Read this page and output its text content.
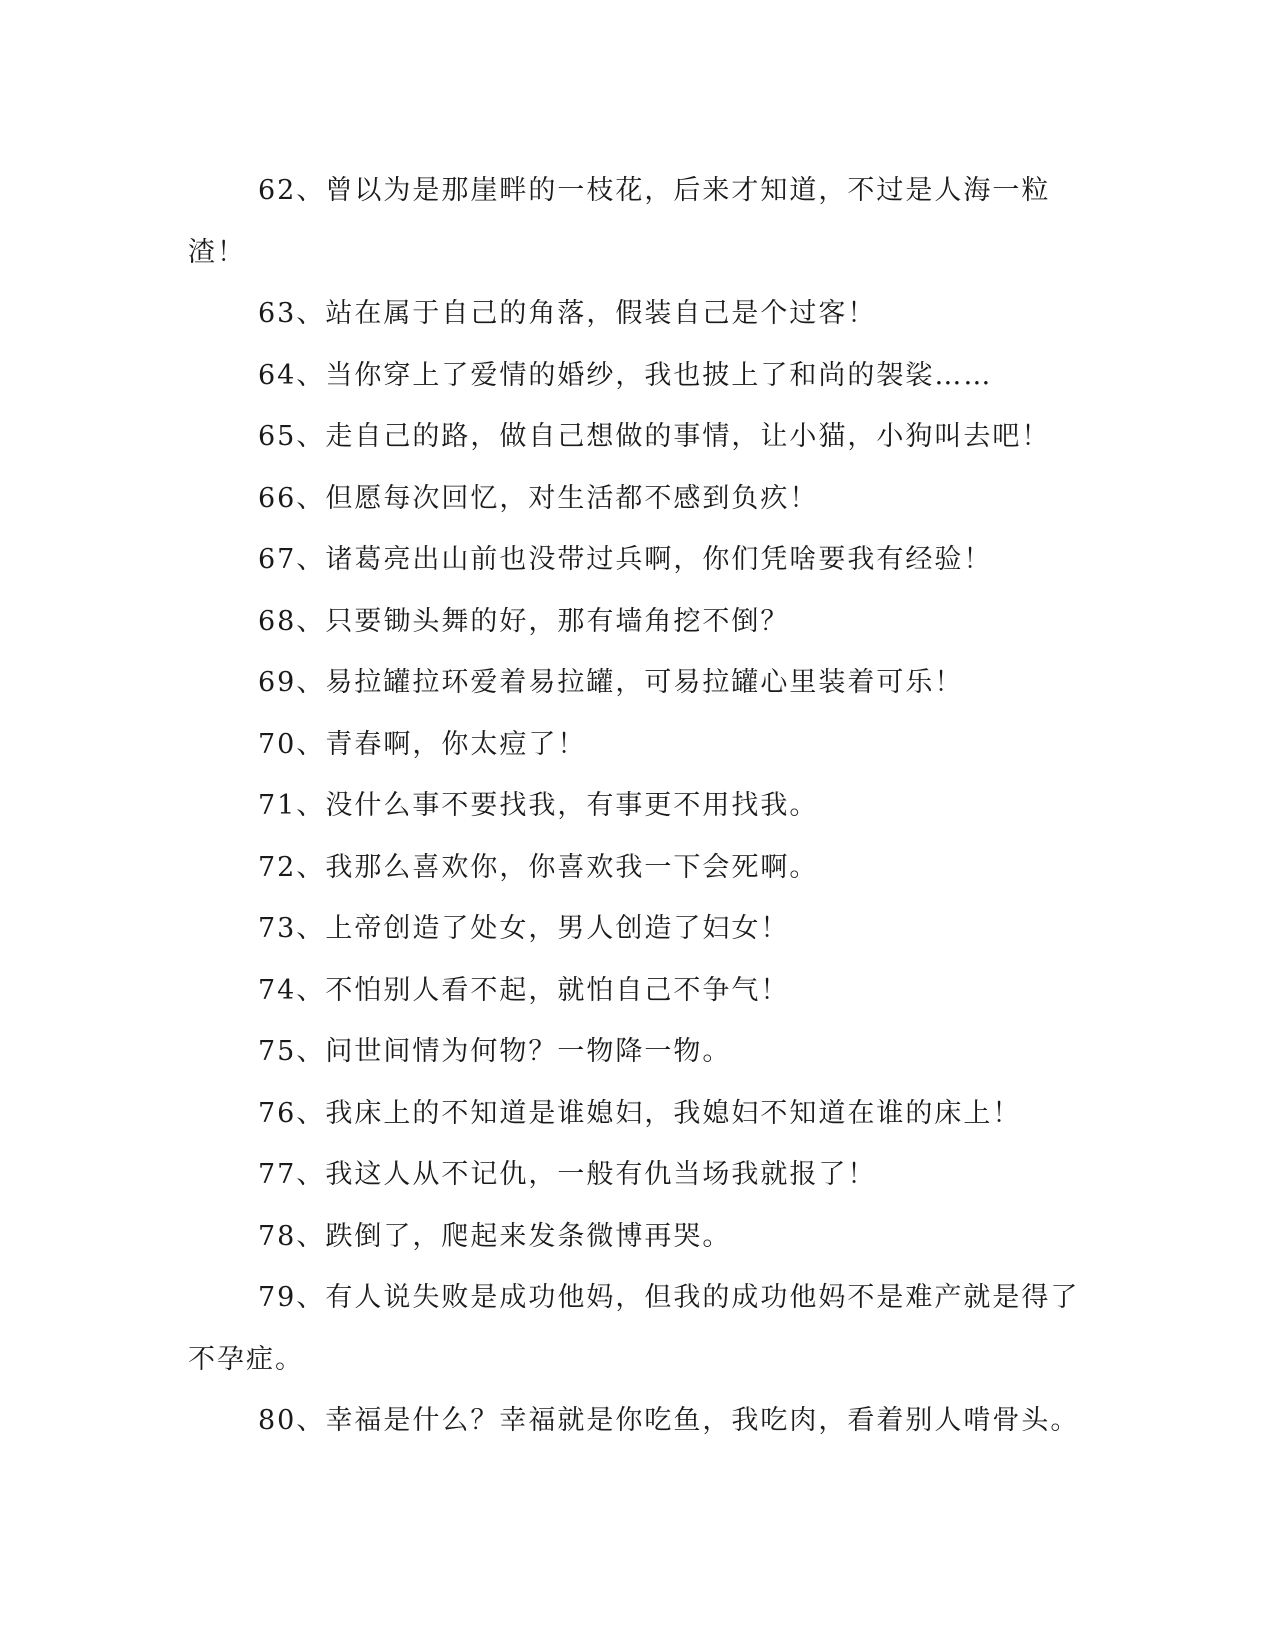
62、曾以为是那崖畔的一枝花，后来才知道，不过是人海一粒渣！

63、站在属于自己的角落，假装自己是个过客！

64、当你穿上了爱情的婚纱，我也披上了和尚的袈裟……

65、走自己的路，做自己想做的事情，让小猫，小狗叫去吧！

66、但愿每次回忆，对生活都不感到负疚！

67、诸葛亮出山前也没带过兵啊，你们凭啥要我有经验！

68、只要锄头舞的好，那有墙角挖不倒？

69、易拉罐拉环爱着易拉罐，可易拉罐心里装着可乐！

70、青春啊，你太痘了！

71、没什么事不要找我，有事更不用找我。

72、我那么喜欢你，你喜欢我一下会死啊。

73、上帝创造了处女，男人创造了妇女！

74、不怕别人看不起，就怕自己不争气！

75、问世间情为何物？一物降一物。

76、我床上的不知道是谁媳妇，我媳妇不知道在谁的床上！

77、我这人从不记仇，一般有仇当场我就报了！

78、跌倒了，爬起来发条微博再哭。

79、有人说失败是成功他妈，但我的成功他妈不是难产就是得了不孕症。

80、幸福是什么？幸福就是你吃鱼，我吃肉，看着别人啃骨头。
